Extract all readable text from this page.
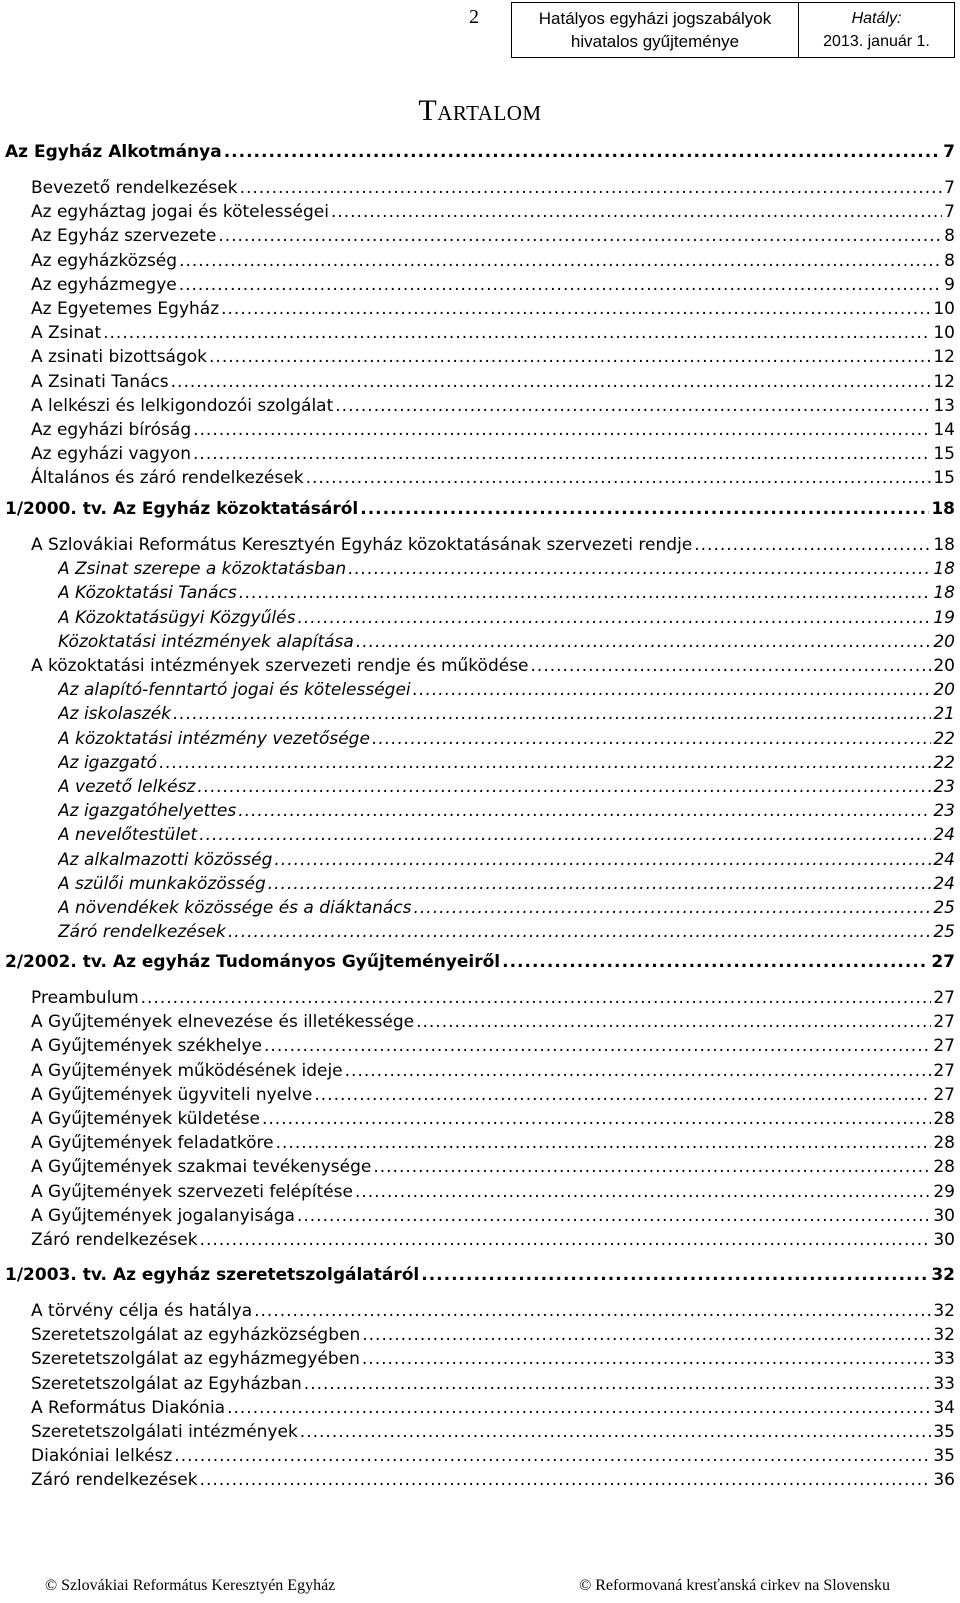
2	Hatályos egyházi jogszabályok
hivatalos gyűjteménye
Hatály:
2013. január 1.
TARTALOM
Az Egyház Alkotmánya .....	7
Bevezető rendelkezések .....	7
Az egyháztag jogai és kötelességei .....	7
Az Egyház szervezete .....	8
Az egyházközség .....	8
Az egyházmegye .....	9
Az Egyetemes Egyház .....	10
A Zsinat .....	10
A zsinati bizottságok .....	12
A Zsinati Tanács .....	12
A lelkészi és lelkigondozói szolgálat .....	13
Az egyházi bíróság .....	14
Az egyházi vagyon .....	15
Általános és záró rendelkezések .....	15
1/2000. tv. Az Egyház közoktatásáról .....	18
A Szlovákiai Református Keresztyén Egyház közoktatásának szervezeti rendje .....	18
A Zsinat szerepe a közoktatásban .....	18
A Közoktatási Tanács .....	18
A Közoktatásügyi Közgyűlés .....	19
Közoktatási intézmények alapítása .....	20
A közoktatási intézmények szervezeti rendje és működése .....	20
Az alapító-fenntartó jogai és kötelességei .....	20
Az iskolaszék .....	21
A közoktatási intézmény vezetősége .....	22
Az igazgató .....	22
A vezető lelkész .....	23
Az igazgatóhelyettes .....	23
A nevelőtestület .....	24
Az alkalmazotti közösség .....	24
A szülői munkaközösség .....	24
A növendékek közössége és a diáktanács .....	25
Záró rendelkezések .....	25
2/2002. tv. Az egyház Tudományos Gyűjteményeiről .....	27
Preambulum .....	27
A Gyűjtemények elnevezése és illetékessége .....	27
A Gyűjtemények székhelye .....	27
A Gyűjtemények működésének ideje .....	27
A Gyűjtemények ügyviteli nyelve .....	27
A Gyűjtemények küldetése .....	28
A Gyűjtemények feladatköre .....	28
A Gyűjtemények szakmai tevékenysége .....	28
A Gyűjtemények szervezeti felépítése .....	29
A Gyűjtemények jogalanyisága .....	30
Záró rendelkezések .....	30
1/2003. tv. Az egyház szeretetszolgálatáról .....	32
A törvény célja és hatálya .....	32
Szeretetszolgálat az egyházközségben .....	32
Szeretetszolgálat az egyházmegyében .....	33
Szeretetszolgálat az Egyházban .....	33
A Református Diakónia .....	34
Szeretetszolgálati intézmények .....	35
Diakóniai lelkész .....	35
Záró rendelkezések .....	36
© Szlovákiai Református Keresztyén Egyház	© Reformovaná kresťanská cirkev na Slovensku
